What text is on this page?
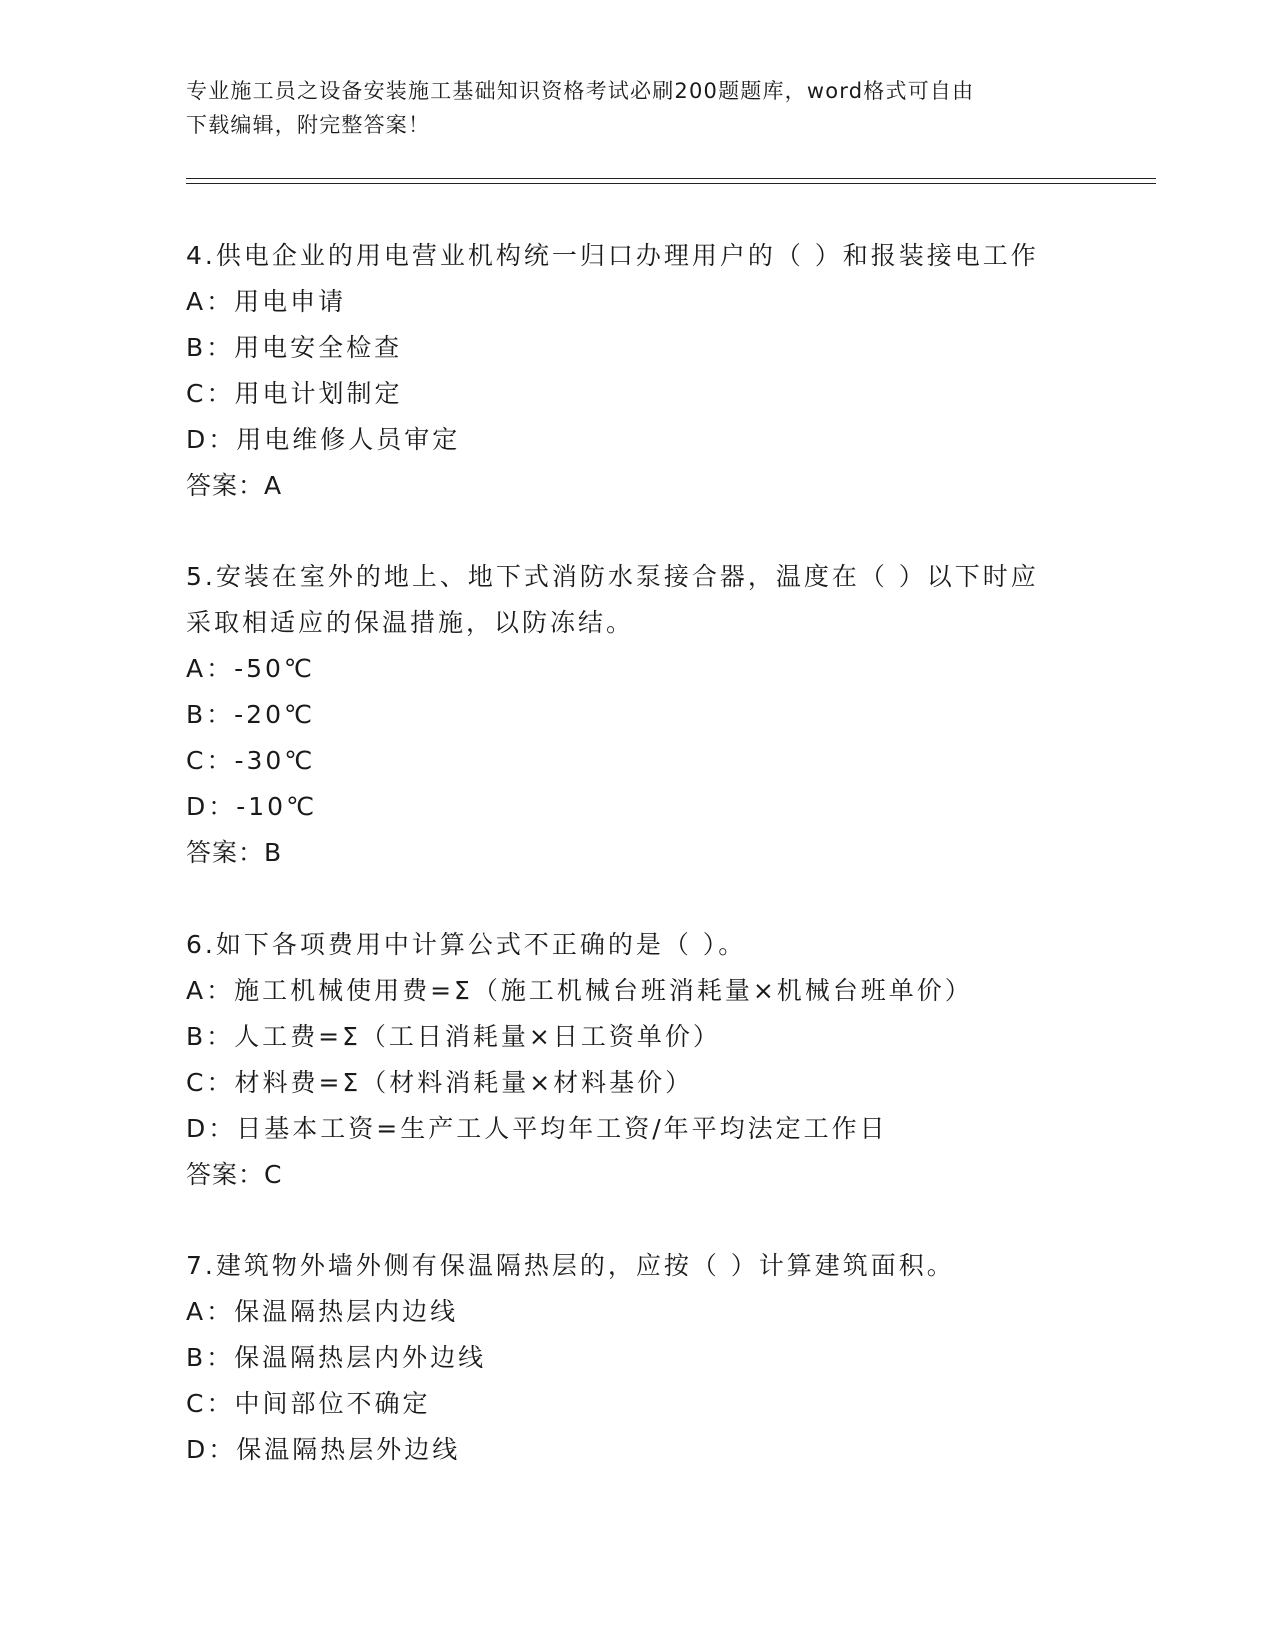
专业施工员之设备安装施工基础知识资格考试必刷200题题库，word格式可自由
下载编辑，附完整答案！
4.供电企业的用电营业机构统一归口办理用户的（ ）和报装接电工作
A：用电申请
B：用电安全检查
C：用电计划制定
D：用电维修人员审定
答案：A
5.安装在室外的地上、地下式消防水泵接合器，温度在（ ）以下时应
采取相适应的保温措施，以防冻结。
A：-50℃
B：-20℃
C：-30℃
D：-10℃
答案：B
6.如下各项费用中计算公式不正确的是（ ）。
A：施工机械使用费=Σ（施工机械台班消耗量×机械台班单价）
B：人工费=Σ（工日消耗量×日工资单价）
C：材料费=Σ（材料消耗量×材料基价）
D：日基本工资=生产工人平均年工资/年平均法定工作日
答案：C
7.建筑物外墙外侧有保温隔热层的，应按（ ）计算建筑面积。
A：保温隔热层内边线
B：保温隔热层内外边线
C：中间部位不确定
D：保温隔热层外边线
